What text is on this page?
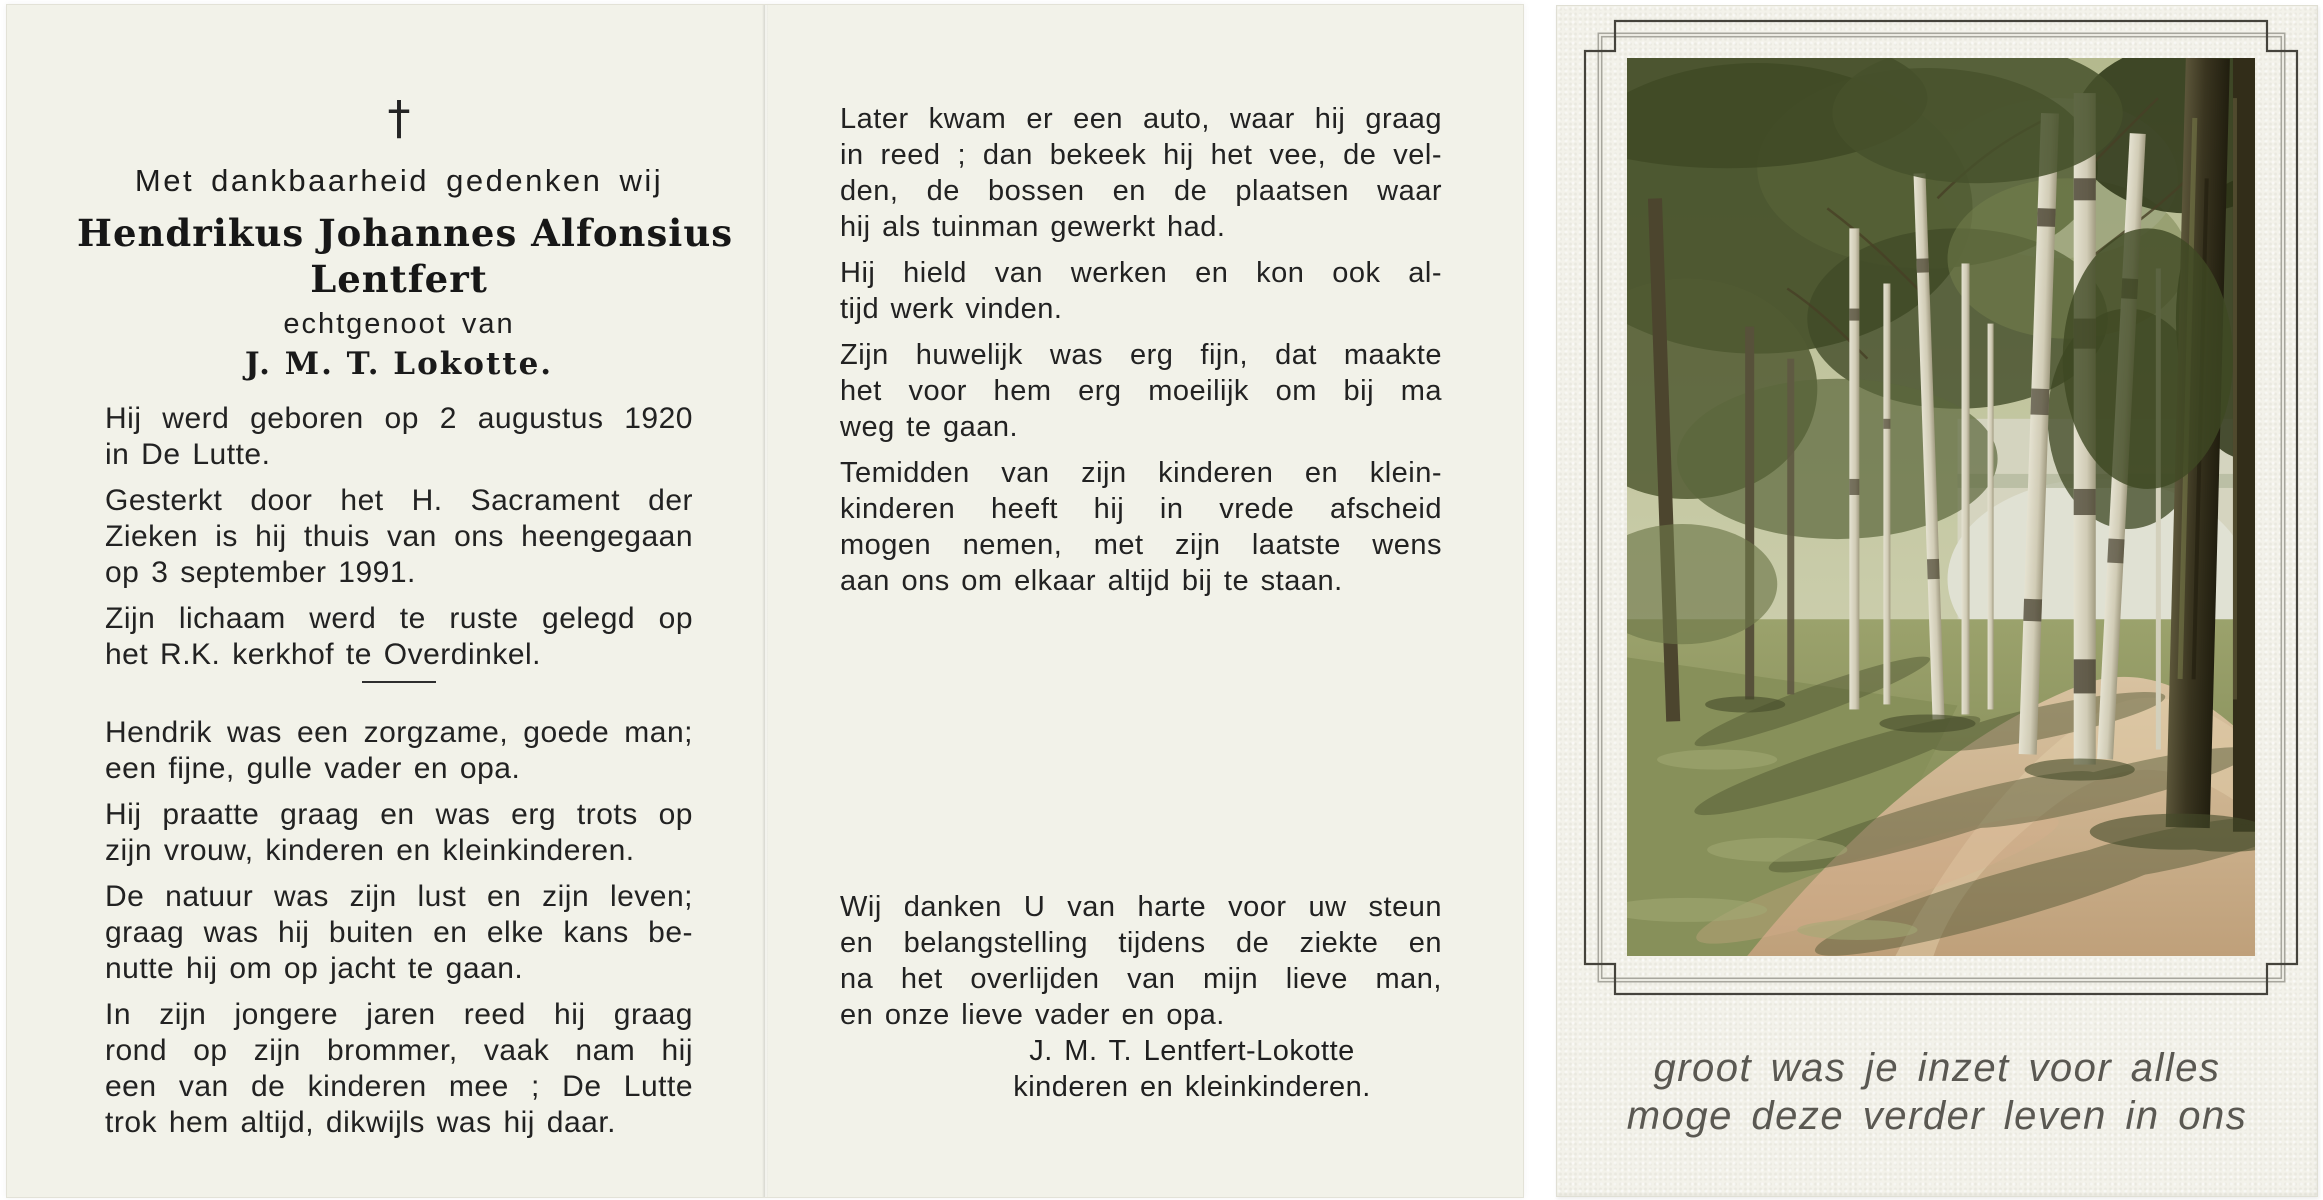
†
Met dankbaarheid gedenken wij
Hendrikus Johannes Alfonsius
Lentfert
echtgenoot van
J. M. T. Lokotte.
Hij werd geboren op 2 augustus 1920
in De Lutte.
Gesterkt door het H. Sacrament der
Zieken is hij thuis van ons heengegaan
op 3 september 1991.
Zijn lichaam werd te ruste gelegd op
het R.K. kerkhof te Overdinkel.
Hendrik was een zorgzame, goede man;
een fijne, gulle vader en opa.
Hij praatte graag en was erg trots op
zijn vrouw, kinderen en kleinkinderen.
De natuur was zijn lust en zijn leven;
graag was hij buiten en elke kans be-
nutte hij om op jacht te gaan.
In zijn jongere jaren reed hij graag
rond op zijn brommer, vaak nam hij
een van de kinderen mee ; De Lutte
trok hem altijd, dikwijls was hij daar.
Later kwam er een auto, waar hij graag
in reed ; dan bekeek hij het vee, de vel-
den, de bossen en de plaatsen waar
hij als tuinman gewerkt had.
Hij hield van werken en kon ook al-
tijd werk vinden.
Zijn huwelijk was erg fijn, dat maakte
het voor hem erg moeilijk om bij ma
weg te gaan.
Temidden van zijn kinderen en klein-
kinderen heeft hij in vrede afscheid
mogen nemen, met zijn laatste wens
aan ons om elkaar altijd bij te staan.
Wij danken U van harte voor uw steun
en belangstelling tijdens de ziekte en
na het overlijden van mijn lieve man,
en onze lieve vader en opa.
J. M. T. Lentfert-Lokotte
kinderen en kleinkinderen.	groot was je inzet voor alles
moge deze verder leven in ons
